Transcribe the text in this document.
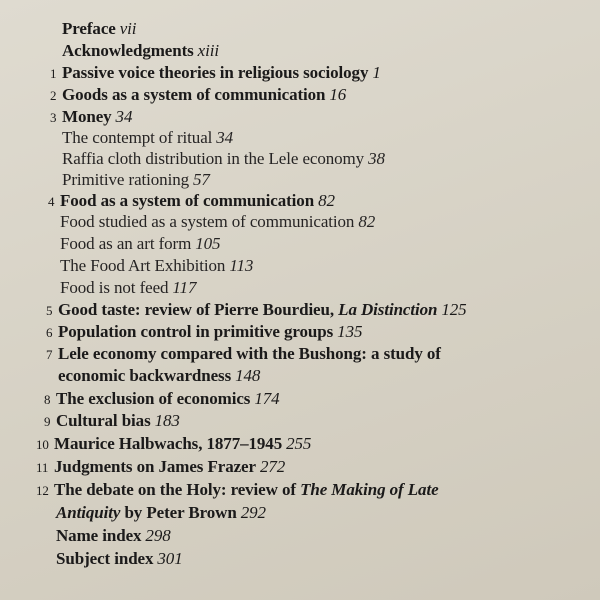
Preface vii
Acknowledgments xiii
1 Passive voice theories in religious sociology 1
2 Goods as a system of communication 16
3 Money 34
The contempt of ritual 34
Raffia cloth distribution in the Lele economy 38
Primitive rationing 57
4 Food as a system of communication 82
Food studied as a system of communication 82
Food as an art form 105
The Food Art Exhibition 113
Food is not feed 117
5 Good taste: review of Pierre Bourdieu, La Distinction 125
6 Population control in primitive groups 135
7 Lele economy compared with the Bushong: a study of
economic backwardness 148
8 The exclusion of economics 174
9 Cultural bias 183
10 Maurice Halbwachs, 1877–1945 255
11 Judgments on James Frazer 272
12 The debate on the Holy: review of The Making of Late
Antiquity by Peter Brown 292
Name index 298
Subject index 301
